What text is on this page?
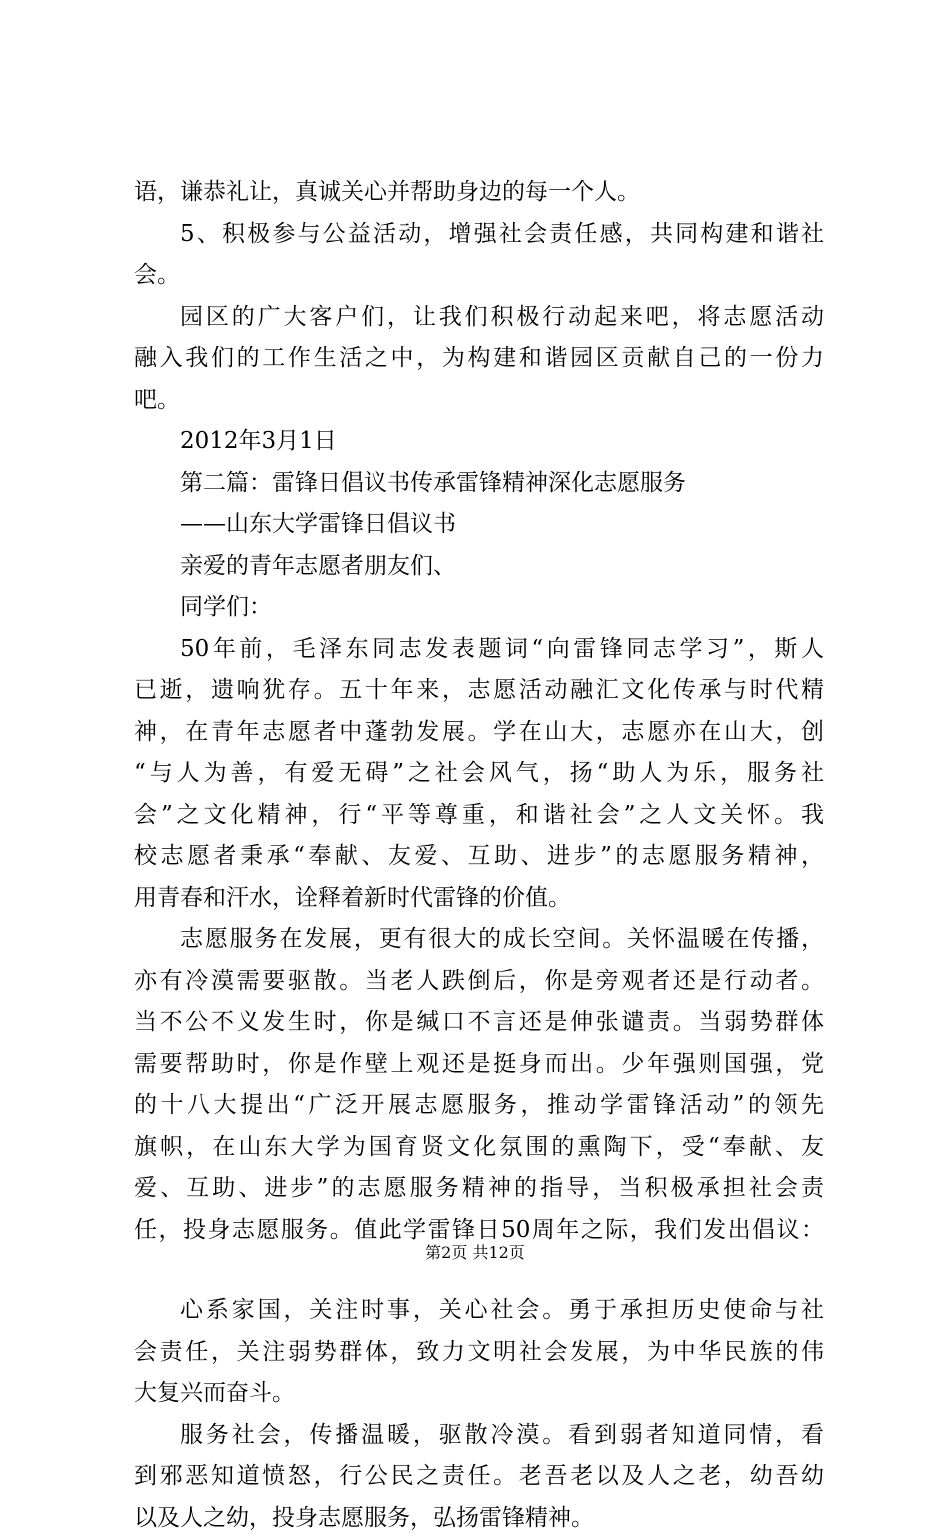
语，谦恭礼让，真诚关心并帮助身边的每一个人。
5、积极参与公益活动，增强社会责任感，共同构建和谐社
会。
园区的广大客户们，让我们积极行动起来吧，将志愿活动
融入我们的工作生活之中，为构建和谐园区贡献自己的一份力
吧。
2012年3月1日
第二篇：雷锋日倡议书传承雷锋精神深化志愿服务
——山东大学雷锋日倡议书
亲爱的青年志愿者朋友们、
同学们：
50年前，毛泽东同志发表题词“向雷锋同志学习”，斯人
已逝，遗响犹存。五十年来，志愿活动融汇文化传承与时代精
神，在青年志愿者中蓬勃发展。学在山大，志愿亦在山大，创
“与人为善，有爱无碍”之社会风气，扬“助人为乐，服务社
会”之文化精神，行“平等尊重，和谐社会”之人文关怀。我
校志愿者秉承“奉献、友爱、互助、进步”的志愿服务精神，
用青春和汗水，诠释着新时代雷锋的价值。
志愿服务在发展，更有很大的成长空间。关怀温暖在传播，
亦有冷漠需要驱散。当老人跌倒后，你是旁观者还是行动者。
当不公不义发生时，你是缄口不言还是伸张谴责。当弱势群体
需要帮助时，你是作壁上观还是挺身而出。少年强则国强，党
的十八大提出“广泛开展志愿服务，推动学雷锋活动”的领先
旗帜，在山东大学为国育贤文化氛围的熏陶下，受“奉献、友
爱、互助、进步”的志愿服务精神的指导，当积极承担社会责
任，投身志愿服务。值此学雷锋日50周年之际，我们发出倡议：
心系家国，关注时事，关心社会。勇于承担历史使命与社
会责任，关注弱势群体，致力文明社会发展，为中华民族的伟
大复兴而奋斗。
服务社会，传播温暖，驱散冷漠。看到弱者知道同情，看
到邪恶知道愤怒，行公民之责任。老吾老以及人之老，幼吾幼
以及人之幼，投身志愿服务，弘扬雷锋精神。
第2页 共12页
